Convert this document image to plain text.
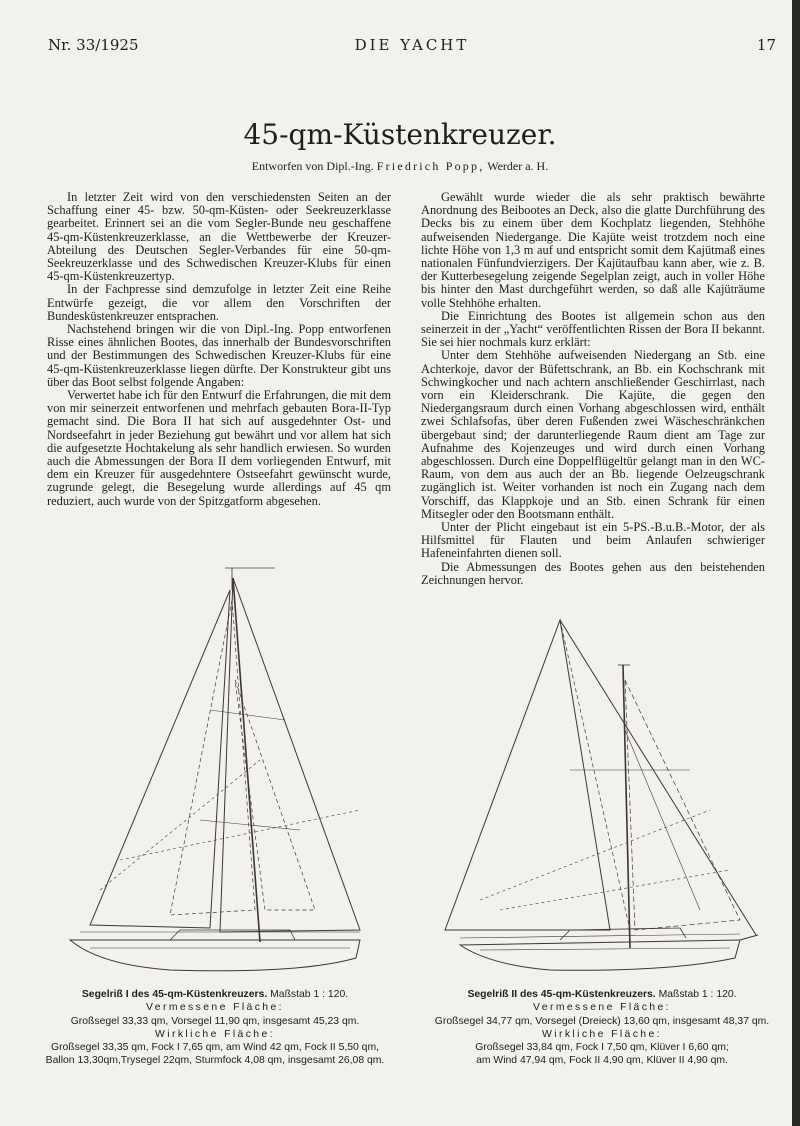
Nr. 33/1925	DIE YACHT	17
45-qm-Küstenkreuzer.
Entworfen von Dipl.-Ing. Friedrich Popp, Werder a. H.

In letzter Zeit wird von den verschiedensten Seiten an der Schaffung einer 45- bzw. 50-qm-Küsten- oder Seekreuzerklasse gearbeitet. Erinnert sei an die vom Segler-Bunde neu geschaffene 45-qm-Küstenkreuzerklasse, an die Wettbewerbe der Kreuzer-Abteilung des Deutschen Segler-Verbandes für eine 50-qm-Seekreuzerklasse und des Schwedischen Kreuzer-Klubs für einen 45-qm-Küstenkreuzertyp.

In der Fachpresse sind demzufolge in letzter Zeit eine Reihe Entwürfe gezeigt, die vor allem den Vorschriften der Bundesküstenkreuzer entsprachen.

Nachstehend bringen wir die von Dipl.-Ing. Popp entworfenen Risse eines ähnlichen Bootes, das innerhalb der Bundesvorschriften und der Bestimmungen des Schwedischen Kreuzer-Klubs für eine 45-qm-Küstenkreuzerklasse liegen dürfte. Der Konstrukteur gibt uns über das Boot selbst folgende Angaben:

Verwertet habe ich für den Entwurf die Erfahrungen, die mit dem von mir seinerzeit entworfenen und mehrfach gebauten Bora-II-Typ gemacht sind. Die Bora II hat sich auf ausgedehnter Ost- und Nordseefahrt in jeder Beziehung gut bewährt und vor allem hat sich die aufgesetzte Hochtakelung als sehr handlich erwiesen. So wurden auch die Abmessungen der Bora II dem vorliegenden Entwurf, mit dem ein Kreuzer für ausgedehntere Ostseefahrt gewünscht wurde, zugrunde gelegt, die Besegelung wurde allerdings auf 45 qm reduziert, auch wurde von der Spitzgatform abgesehen.

Gewählt wurde wieder die als sehr praktisch bewährte Anordnung des Beibootes an Deck, also die glatte Durchführung des Decks bis zu einem über dem Kochplatz liegenden, Stehhöhe aufweisenden Niedergange. Die Kajüte weist trotzdem noch eine lichte Höhe von 1,3 m auf und entspricht somit dem Kajütmaß eines nationalen Fünfundvierzigers. Der Kajütaufbau kann aber, wie z. B. der Kutterbesegelung zeigende Segelplan zeigt, auch in voller Höhe bis hinter den Mast durchgeführt werden, so daß alle Kajüträume volle Stehhöhe erhalten.

Die Einrichtung des Bootes ist allgemein schon aus den seinerzeit in der „Yacht“ veröffentlichten Rissen der Bora II bekannt. Sie sei hier nochmals kurz erklärt:

Unter dem Stehhöhe aufweisenden Niedergang an Stb. eine Achterkoje, davor der Büfettschrank, an Bb. ein Kochschrank mit Schwingkocher und nach achtern anschließender Geschirrlast, nach vorn ein Kleiderschrank. Die Kajüte, die gegen den Niedergangsraum durch einen Vorhang abgeschlossen wird, enthält zwei Schlafsofas, über deren Fußenden zwei Wäscheschränkchen übergebaut sind; der darunterliegende Raum dient am Tage zur Aufnahme des Kojenzeuges und wird durch einen Vorhang abgeschlossen. Durch eine Doppelflügeltür gelangt man in den WC-Raum, von dem aus auch der an Bb. liegende Oelzeugschrank zugänglich ist. Weiter vorhanden ist noch ein Zugang nach dem Vorschiff, das Klappkoje und an Stb. einen Schrank für einen Mitsegler oder den Bootsmann enthält.

Unter der Plicht eingebaut ist ein 5-PS.-B.u.B.-Motor, der als Hilfsmittel für Flauten und beim Anlaufen schwieriger Hafeneinfahrten dienen soll.

Die Abmessungen des Bootes gehen aus den beistehenden Zeichnungen hervor.

Segelriß I des 45-qm-Küstenkreuzers. Maßstab 1 : 120.
Vermessene Fläche:
Großsegel 33,33 qm, Vorsegel 11,90 qm, insgesamt 45,23 qm.
Wirkliche Fläche:
Großsegel 33,35 qm, Fock I 7,65 qm, am Wind 42 qm, Fock II 5,50 qm,
Ballon 13,30qm,Trysegel 22qm, Sturmfock 4,08 qm, insgesamt 26,08 qm.
Segelriß II des 45-qm-Küstenkreuzers. Maßstab 1 : 120.
Vermessene Fläche:
Großsegel 34,77 qm, Vorsegel (Dreieck) 13,60 qm, insgesamt 48,37 qm.
Wirkliche Fläche:
Großsegel 33,84 qm, Fock I 7,50 qm, Klüver I 6,60 qm;
am Wind 47,94 qm, Fock II 4,90 qm, Klüver II 4,90 qm.
